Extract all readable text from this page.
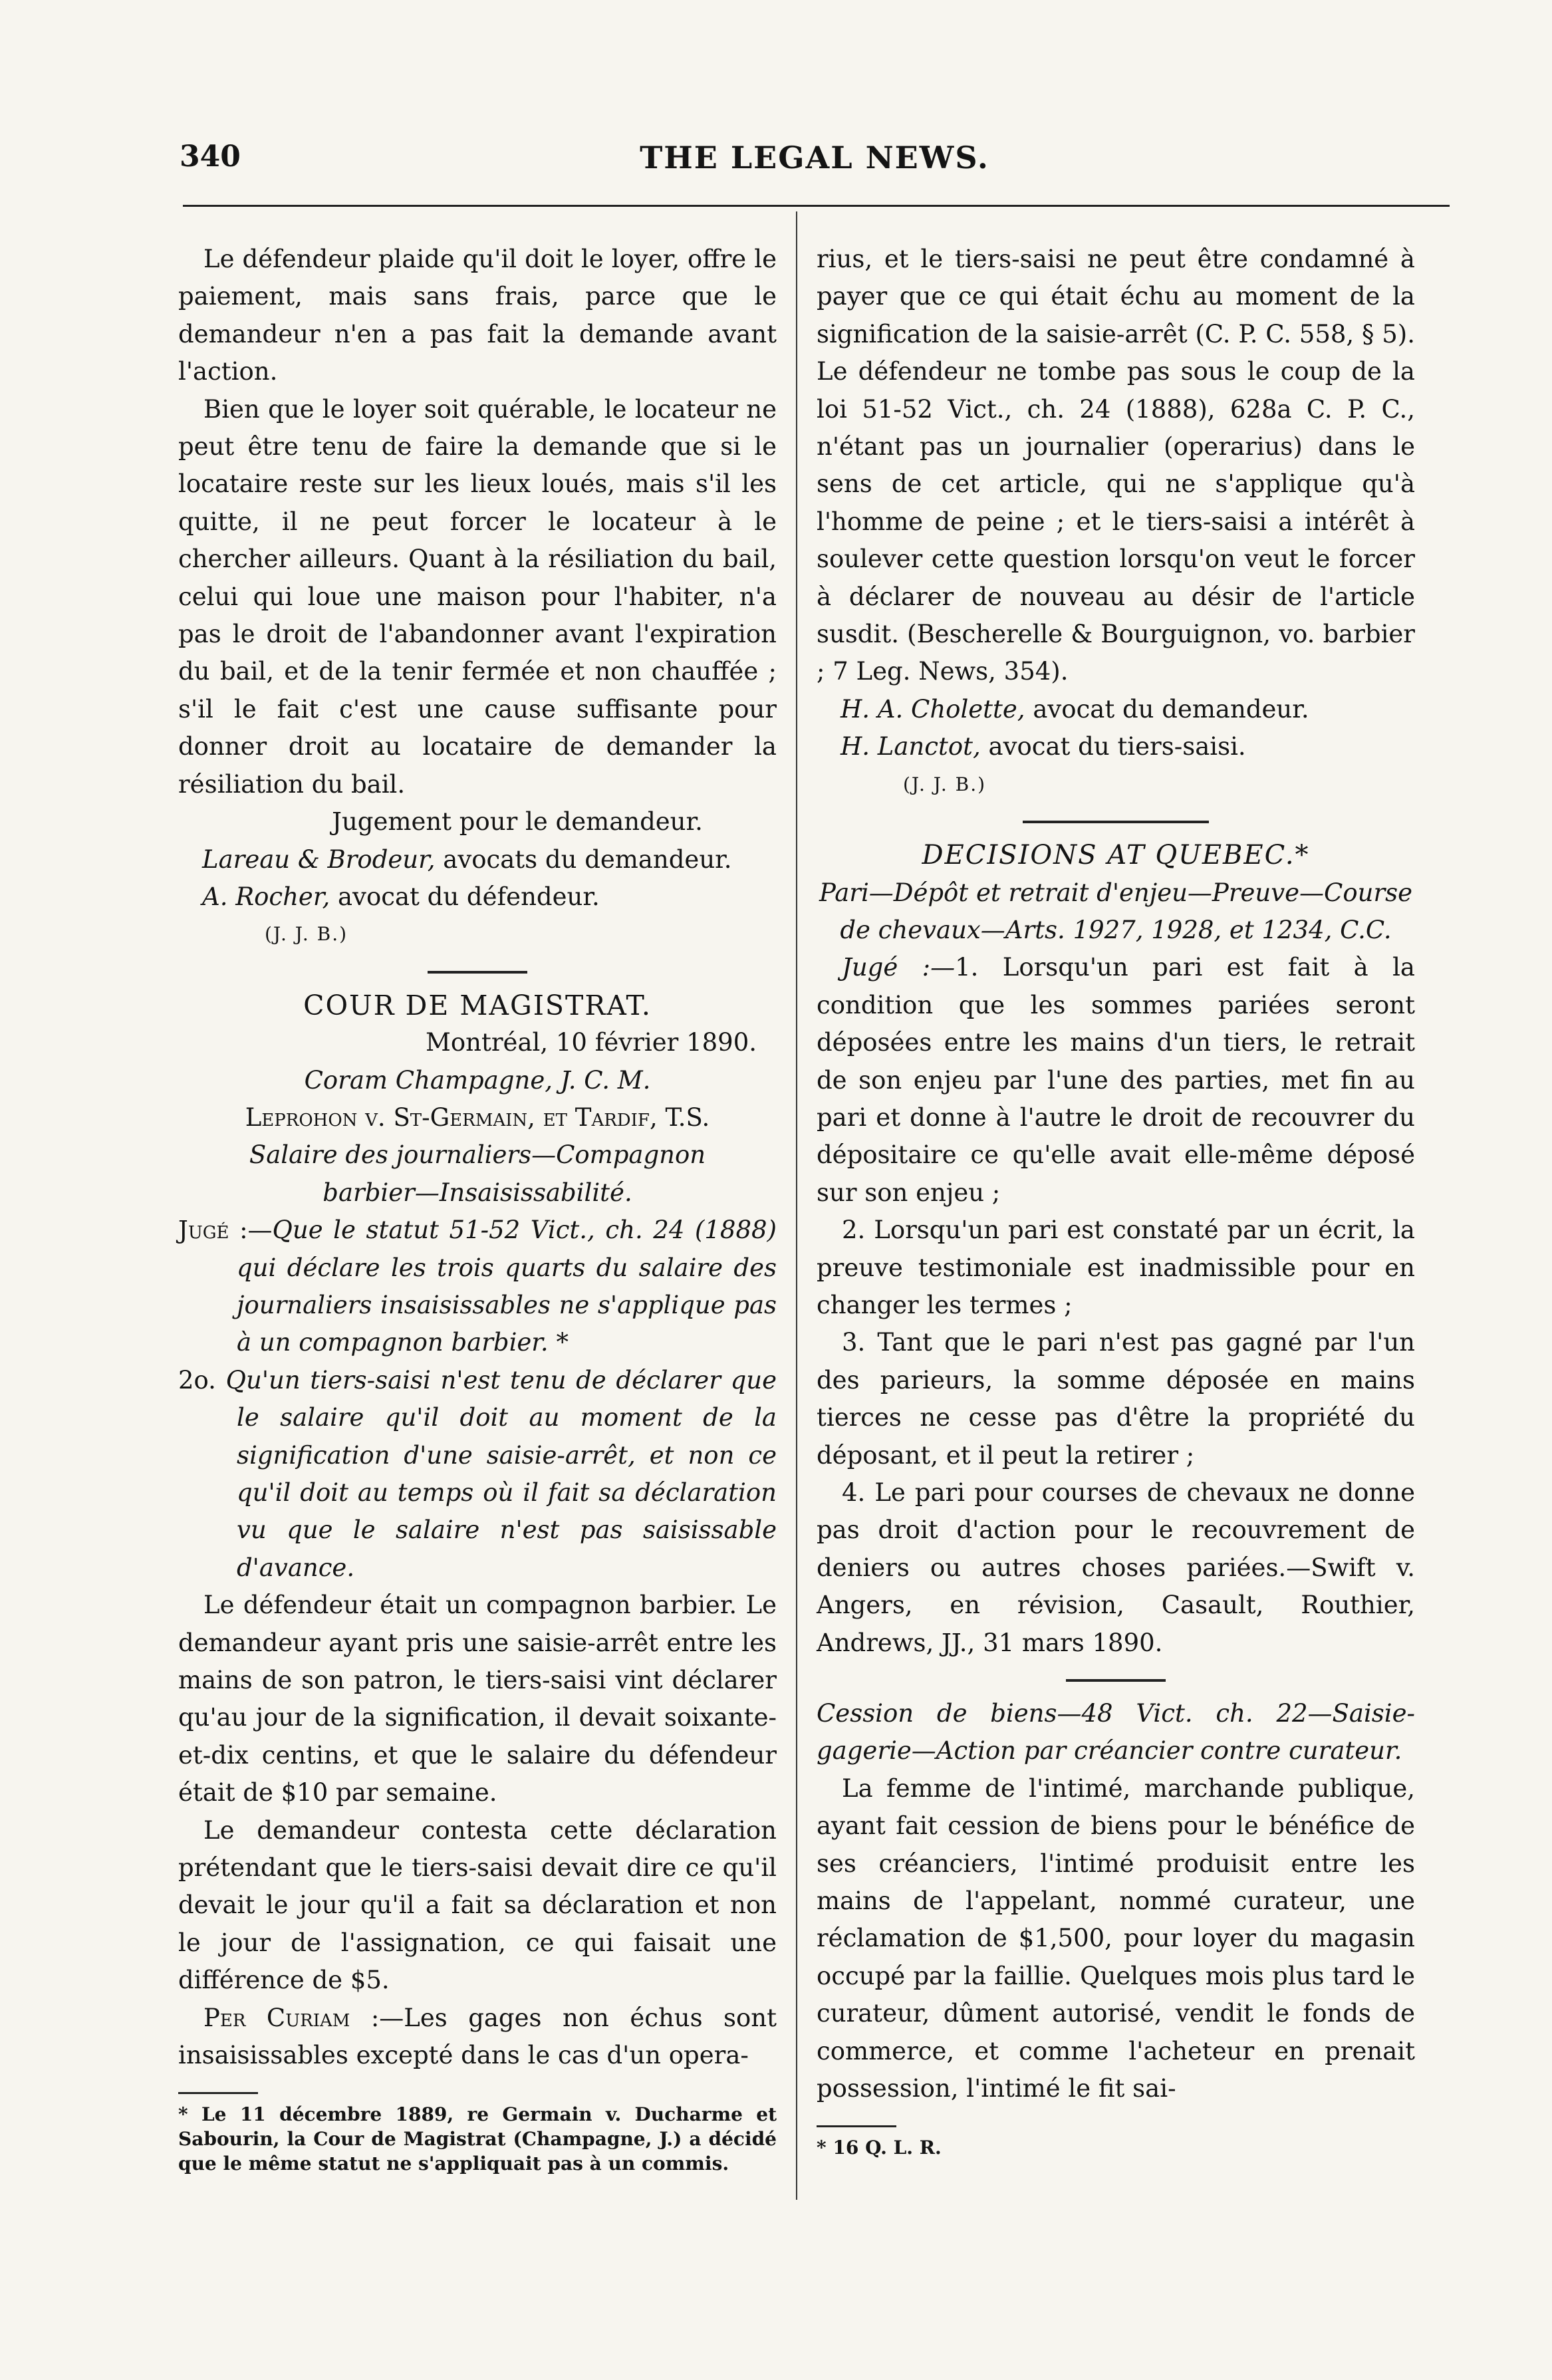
340	THE LEGAL NEWS.

Le défendeur plaide qu'il doit le loyer, offre le paiement, mais sans frais, parce que le demandeur n'en a pas fait la demande avant l'action.

Bien que le loyer soit quérable, le locateur ne peut être tenu de faire la demande que si le locataire reste sur les lieux loués, mais s'il les quitte, il ne peut forcer le locateur à le chercher ailleurs. Quant à la résiliation du bail, celui qui loue une maison pour l'habiter, n'a pas le droit de l'abandonner avant l'expiration du bail, et de la tenir fermée et non chauffée ; s'il le fait c'est une cause suffisante pour donner droit au locataire de demander la résiliation du bail.

Jugement pour le demandeur.

Lareau & Brodeur, avocats du demandeur.

A. Rocher, avocat du défendeur.

(J. J. B.)

COUR DE MAGISTRAT.

Montréal, 10 février 1890.

Coram Champagne, J. C. M.

Leprohon v. St-Germain, et Tardif, T.S.

Salaire des journaliers—Compagnon barbier—Insaisissabilité.

Jugé :—Que le statut 51-52 Vict., ch. 24 (1888) qui déclare les trois quarts du salaire des journaliers insaisissables ne s'applique pas à un compagnon barbier. *

2o. Qu'un tiers-saisi n'est tenu de déclarer que le salaire qu'il doit au moment de la signification d'une saisie-arrêt, et non ce qu'il doit au temps où il fait sa déclaration vu que le salaire n'est pas saisissable d'avance.

Le défendeur était un compagnon barbier. Le demandeur ayant pris une saisie-arrêt entre les mains de son patron, le tiers-saisi vint déclarer qu'au jour de la signification, il devait soixante-et-dix centins, et que le salaire du défendeur était de $10 par semaine.

Le demandeur contesta cette déclaration prétendant que le tiers-saisi devait dire ce qu'il devait le jour qu'il a fait sa déclaration et non le jour de l'assignation, ce qui faisait une différence de $5.

Per Curiam :—Les gages non échus sont insaisissables excepté dans le cas d'un opera-

* Le 11 décembre 1889, re Germain v. Ducharme et Sabourin, la Cour de Magistrat (Champagne, J.) a décidé que le même statut ne s'appliquait pas à un commis.

rius, et le tiers-saisi ne peut être condamné à payer que ce qui était échu au moment de la signification de la saisie-arrêt (C. P. C. 558, § 5). Le défendeur ne tombe pas sous le coup de la loi 51-52 Vict., ch. 24 (1888), 628a C. P. C., n'étant pas un journalier (operarius) dans le sens de cet article, qui ne s'applique qu'à l'homme de peine ; et le tiers-saisi a intérêt à soulever cette question lorsqu'on veut le forcer à déclarer de nouveau au désir de l'article susdit. (Bescherelle & Bourguignon, vo. barbier ; 7 Leg. News, 354).

H. A. Cholette, avocat du demandeur.

H. Lanctot, avocat du tiers-saisi.

(J. J. B.)

DECISIONS AT QUEBEC.*

Pari—Dépôt et retrait d'enjeu—Preuve—Course de chevaux—Arts. 1927, 1928, et 1234, C.C.

Jugé :—1. Lorsqu'un pari est fait à la condition que les sommes pariées seront déposées entre les mains d'un tiers, le retrait de son enjeu par l'une des parties, met fin au pari et donne à l'autre le droit de recouvrer du dépositaire ce qu'elle avait elle-même déposé sur son enjeu ;

2. Lorsqu'un pari est constaté par un écrit, la preuve testimoniale est inadmissible pour en changer les termes ;

3. Tant que le pari n'est pas gagné par l'un des parieurs, la somme déposée en mains tierces ne cesse pas d'être la propriété du déposant, et il peut la retirer ;

4. Le pari pour courses de chevaux ne donne pas droit d'action pour le recouvrement de deniers ou autres choses pariées.—Swift v. Angers, en révision, Casault, Routhier, Andrews, JJ., 31 mars 1890.

Cession de biens—48 Vict. ch. 22—Saisie-gagerie—Action par créancier contre curateur.

La femme de l'intimé, marchande publique, ayant fait cession de biens pour le bénéfice de ses créanciers, l'intimé produisit entre les mains de l'appelant, nommé curateur, une réclamation de $1,500, pour loyer du magasin occupé par la faillie. Quelques mois plus tard le curateur, dûment autorisé, vendit le fonds de commerce, et comme l'acheteur en prenait possession, l'intimé le fit sai-

* 16 Q. L. R.
